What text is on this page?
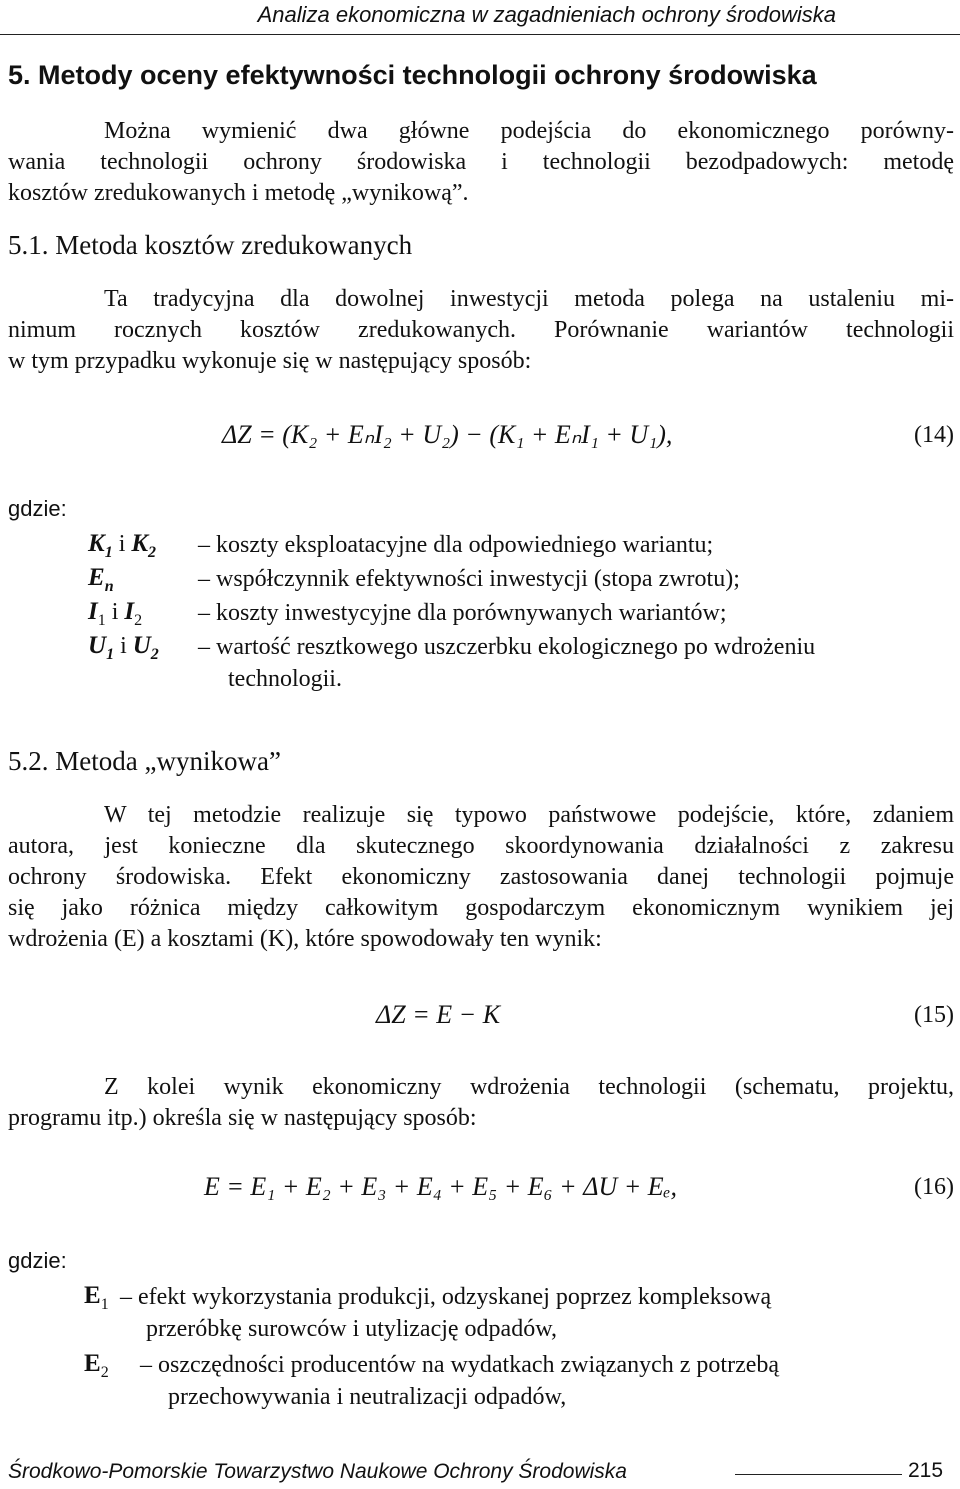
Analiza ekonomiczna w zagadnieniach ochrony środowiska
5. Metody oceny efektywności technologii ochrony środowiska
Można wymienić dwa główne podejścia do ekonomicznego porówny-
wania technologii ochrony środowiska i technologii bezodpadowych: metodę
kosztów zredukowanych i metodę „wynikową”.
5.1. Metoda kosztów zredukowanych
Ta tradycyjna dla dowolnej inwestycji metoda polega na ustaleniu mi-
nimum rocznych kosztów zredukowanych. Porównanie wariantów technologii
w tym przypadku wykonuje się w następujący sposób:
ΔZ = (K₂ + EₙI₂ + U₂) − (K₁ + EₙI₁ + U₁),	(14)
gdzie:
$K_1$ i $K_2$ – koszty eksploatacyjne dla odpowiedniego wariantu;
$E_n$	– współczynnik efektywności inwestycji (stopa zwrotu);
$I_1$ i $I_2$ – koszty inwestycyjne dla porównywanych wariantów;
$U_1$ i $U_2$ – wartość resztkowego uszczerbku ekologicznego po wdrożeniu
technologii.
5.2. Metoda „wynikowa”
W tej metodzie realizuje się typowo państwowe podejście, które, zdaniem
autora, jest konieczne dla skutecznego skoordynowania działalności z zakresu
ochrony środowiska. Efekt ekonomiczny zastosowania danej technologii pojmuje
się jako różnica między całkowitym gospodarczym ekonomicznym wynikiem jej
wdrożenia (E) a kosztami (K), które spowodowały ten wynik:
ΔZ = E − K	(15)
Z kolei wynik ekonomiczny wdrożenia technologii (schematu, projektu,
programu itp.) określa się w następujący sposób:
E = E₁ + E₂ + E₃ + E₄ + E₅ + E₆ + ΔU + Eₑ,	(16)
gdzie:
$E_1$ – efekt wykorzystania produkcji, odzyskanej poprzez kompleksową
przeróbkę surowców i utylizację odpadów,
$E_2$ – oszczędności producentów na wydatkach związanych z potrzebą
przechowywania i neutralizacji odpadów,
Środkowo-Pomorskie Towarzystwo Naukowe Ochrony Środowiska	215
